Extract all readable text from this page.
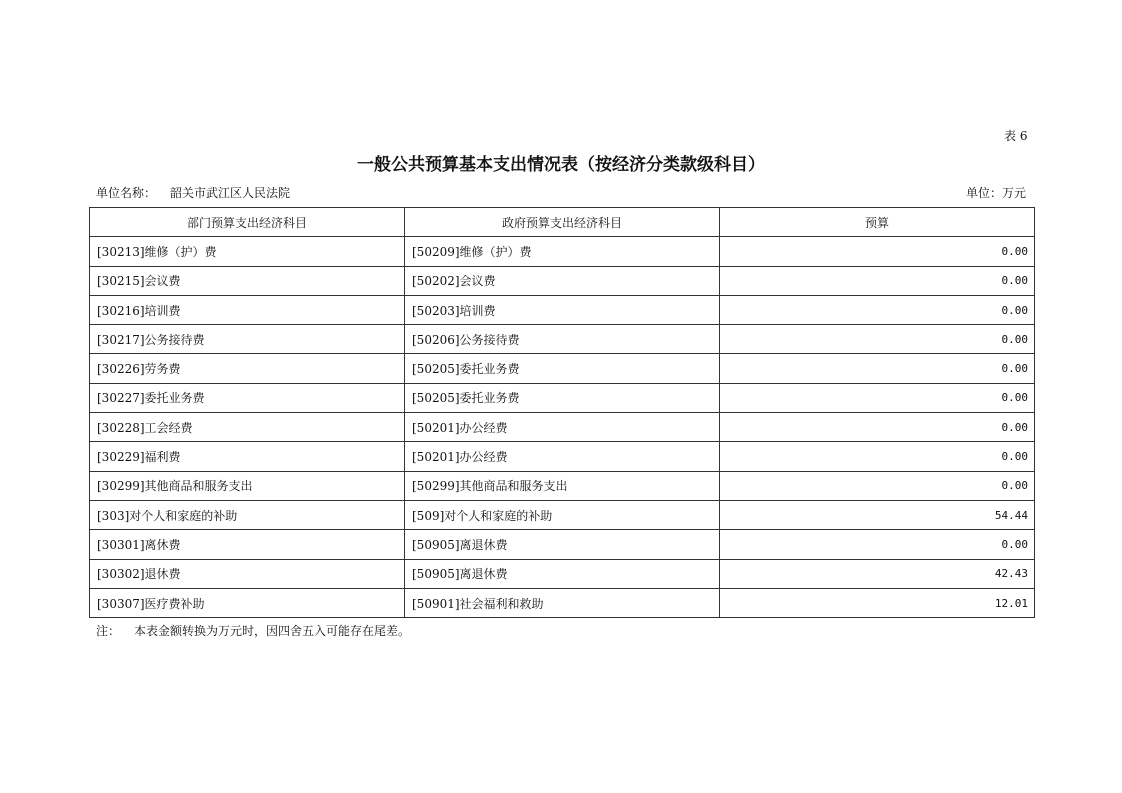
表 6
一般公共预算基本支出情况表（按经济分类款级科目）
单位名称： 韶关市武江区人民法院	单位：万元
部门预算支出经济科目	政府预算支出经济科目	预算
[30213]维修（护）费	[50209]维修（护）费	0.00
[30215]会议费	[50202]会议费	0.00
[30216]培训费	[50203]培训费	0.00
[30217]公务接待费	[50206]公务接待费	0.00
[30226]劳务费	[50205]委托业务费	0.00
[30227]委托业务费	[50205]委托业务费	0.00
[30228]工会经费	[50201]办公经费	0.00
[30229]福利费	[50201]办公经费	0.00
[30299]其他商品和服务支出	[50299]其他商品和服务支出	0.00
[303]对个人和家庭的补助	[509]对个人和家庭的补助	54.44
[30301]离休费	[50905]离退休费	0.00
[30302]退休费	[50905]离退休费	42.43
[30307]医疗费补助	[50901]社会福利和救助	12.01
注： 本表金额转换为万元时，因四舍五入可能存在尾差。
